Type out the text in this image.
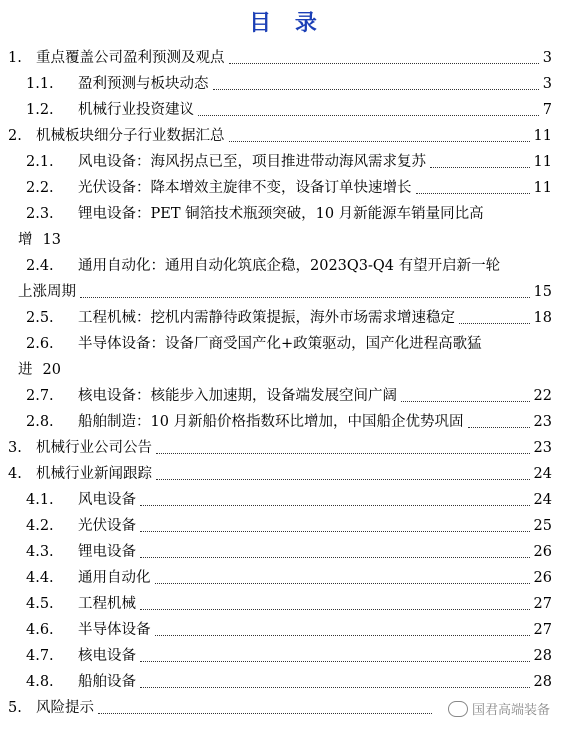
目 录
1. 重点覆盖公司盈利预测及观点	3
1.1. 盈利预测与板块动态	3
1.2. 机械行业投资建议	7
2. 机械板块细分子行业数据汇总	11
2.1. 风电设备：海风拐点已至，项目推进带动海风需求复苏	11
2.2. 光伏设备：降本增效主旋律不变，设备订单快速增长	11
2.3. 锂电设备：PET 铜箔技术瓶颈突破，10 月新能源车销量同比高
增 13
2.4. 通用自动化：通用自动化筑底企稳，2023Q3-Q4 有望开启新一轮
上涨周期	15
2.5. 工程机械：挖机内需静待政策提振，海外市场需求增速稳定	18
2.6. 半导体设备：设备厂商受国产化+政策驱动，国产化进程高歌猛
进 20
2.7. 核电设备：核能步入加速期，设备端发展空间广阔	22
2.8. 船舶制造：10 月新船价格指数环比增加，中国船企优势巩固	23
3. 机械行业公司公告	23
4. 机械行业新闻跟踪	24
4.1. 风电设备	24
4.2. 光伏设备	25
4.3. 锂电设备	26
4.4. 通用自动化	26
4.5. 工程机械	27
4.6. 半导体设备	27
4.7. 核电设备	28
4.8. 船舶设备	28
5. 风险提示	国君高端装备
